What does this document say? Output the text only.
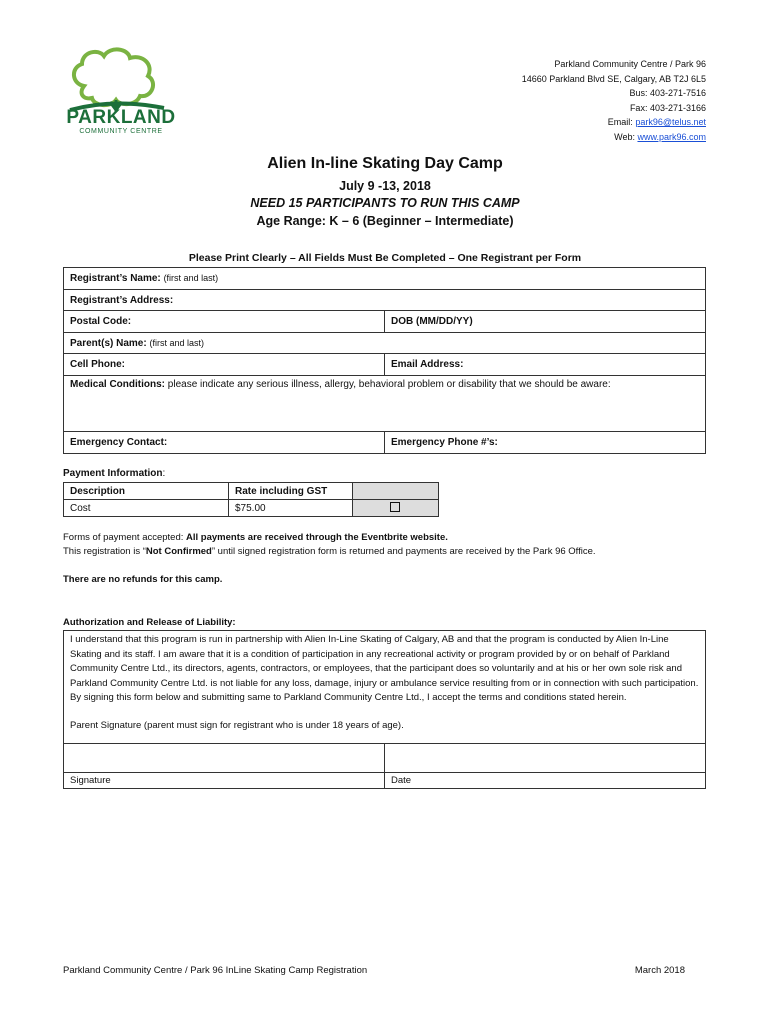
PARKLAND
COMMUNITY CENTRE
Parkland Community Centre / Park 96
14660 Parkland Blvd SE, Calgary, AB T2J 6L5
Bus: 403-271-7516
Fax: 403-271-3166
Email: park96@telus.net
Web: www.park96.com
Alien In-line Skating Day Camp
July 9 -13, 2018
NEED 15 PARTICIPANTS TO RUN THIS CAMP
Age Range: K – 6 (Beginner – Intermediate)
Please Print Clearly – All Fields Must Be Completed – One Registrant per Form
Registrant’s Name: (first and last)	
Registrant’s Address:	
Postal Code:	DOB (MM/DD/YY)
Parent(s) Name: (first and last)	
Cell Phone:	Email Address:
Medical Conditions: please indicate any serious illness, allergy, behavioral problem or disability that we should be aware:	
Emergency Contact:	Emergency Phone #’s:
Payment Information:
Description	Rate including GST	
Cost	$75.00	
Forms of payment accepted: All payments are received through the Eventbrite website.
This registration is “Not Confirmed” until signed registration form is returned and payments are received by the Park 96 Office.
There are no refunds for this camp.
Authorization and Release of Liability:
I understand that this program is run in partnership with Alien In-Line Skating of Calgary, AB and that the program is conducted by Alien In-Line Skating and its staff. I am aware that it is a condition of participation in any recreational activity or program provided by or on behalf of Parkland Community Centre Ltd., its directors, agents, contractors, or employees, that the participant does so voluntarily and at his or her own sole risk and Parkland Community Centre Ltd. is not liable for any loss, damage, injury or ambulance service resulting from or in connection with such participation. By signing this form below and submitting same to Parkland Community Centre Ltd., I accept the terms and conditions stated herein.
Parent Signature (parent must sign for registrant who is under 18 years of age).

Signature	Date
Parkland Community Centre / Park 96 InLine Skating Camp Registration	March 2018
